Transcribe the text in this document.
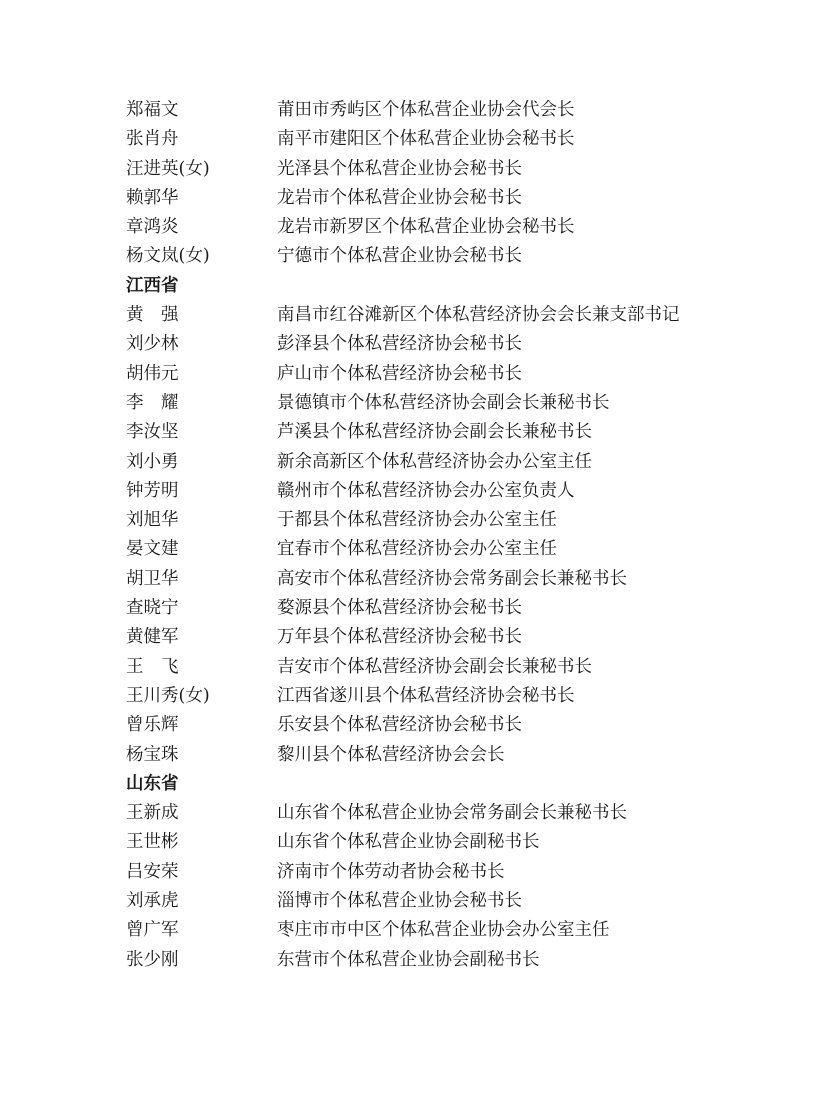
郑福文	莆田市秀屿区个体私营企业协会代会长
张肖舟	南平市建阳区个体私营企业协会秘书长
汪进英(女)	光泽县个体私营企业协会秘书长
赖郭华	龙岩市个体私营企业协会秘书长
章鸿炎	龙岩市新罗区个体私营企业协会秘书长
杨文岚(女)	宁德市个体私营企业协会秘书长
江西省
黄　强	南昌市红谷滩新区个体私营经济协会会长兼支部书记
刘少林	彭泽县个体私营经济协会秘书长
胡伟元	庐山市个体私营经济协会秘书长
李　耀	景德镇市个体私营经济协会副会长兼秘书长
李汝坚	芦溪县个体私营经济协会副会长兼秘书长
刘小勇	新余高新区个体私营经济协会办公室主任
钟芳明	赣州市个体私营经济协会办公室负责人
刘旭华	于都县个体私营经济协会办公室主任
晏文建	宜春市个体私营经济协会办公室主任
胡卫华	高安市个体私营经济协会常务副会长兼秘书长
查晓宁	婺源县个体私营经济协会秘书长
黄健军	万年县个体私营经济协会秘书长
王　飞	吉安市个体私营经济协会副会长兼秘书长
王川秀(女)	江西省遂川县个体私营经济协会秘书长
曾乐辉	乐安县个体私营经济协会秘书长
杨宝珠	黎川县个体私营经济协会会长
山东省
王新成	山东省个体私营企业协会常务副会长兼秘书长
王世彬	山东省个体私营企业协会副秘书长
吕安荣	济南市个体劳动者协会秘书长
刘承虎	淄博市个体私营企业协会秘书长
曾广军	枣庄市市中区个体私营企业协会办公室主任
张少刚	东营市个体私营企业协会副秘书长
